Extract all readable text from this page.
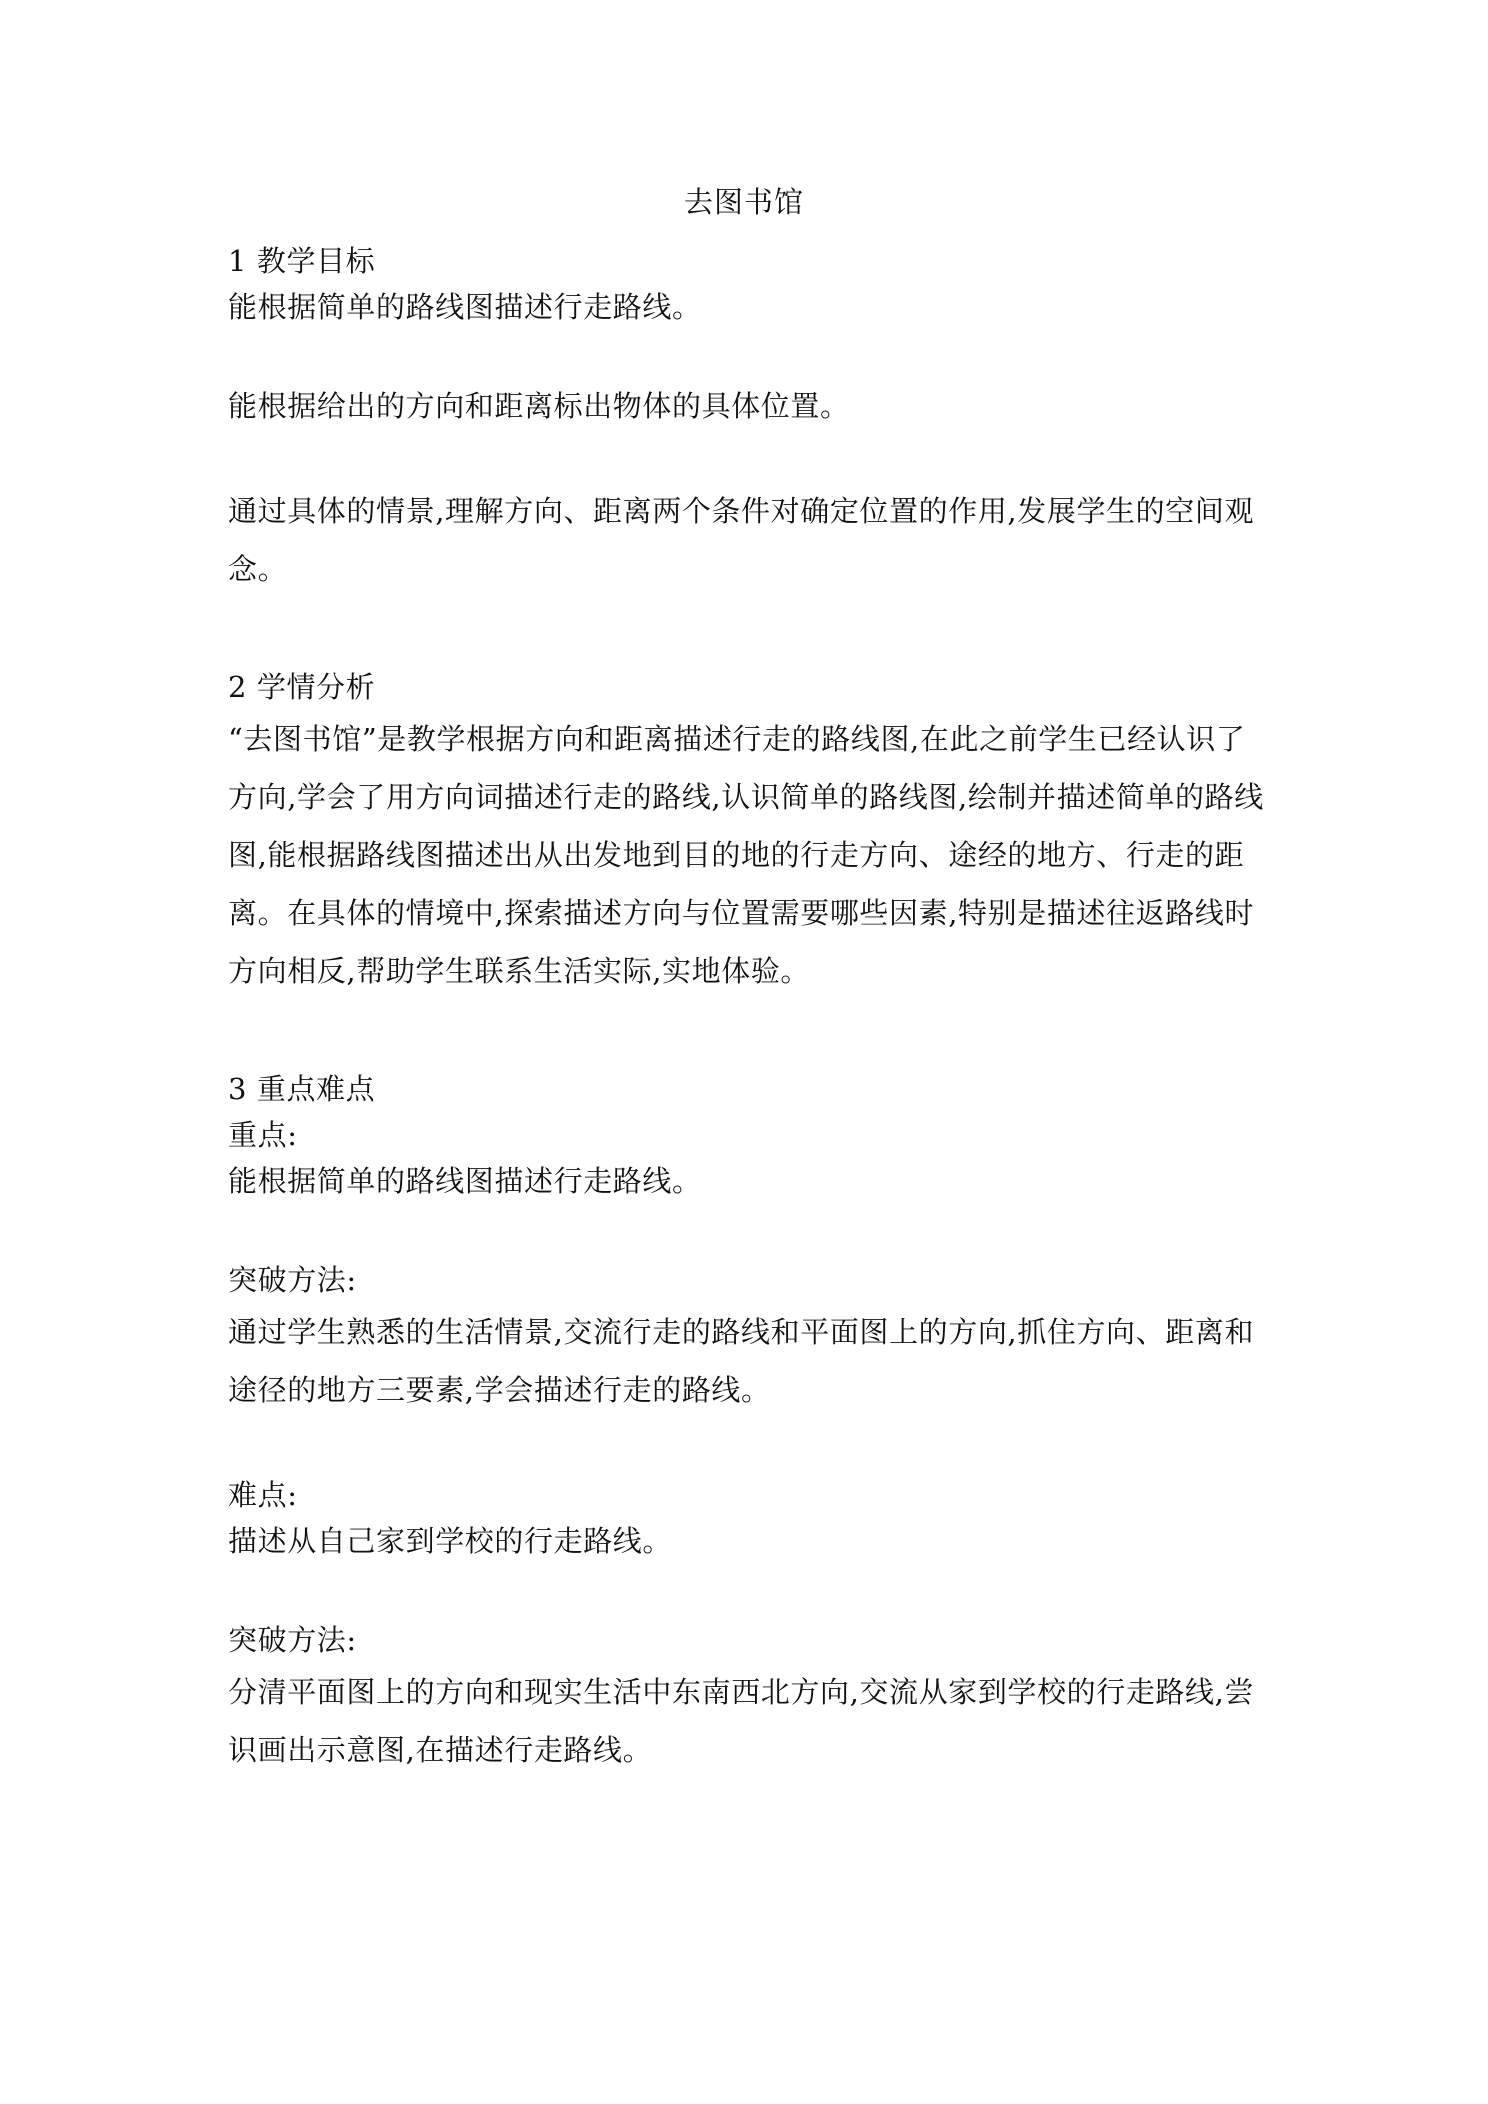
去图书馆

1 教学目标

能根据简单的路线图描述行走路线。

能根据给出的方向和距离标出物体的具体位置。

通过具体的情景,理解方向、距离两个条件对确定位置的作用,发展学生的空间观念。

2 学情分析

“去图书馆”是教学根据方向和距离描述行走的路线图,在此之前学生已经认识了方向,学会了用方向词描述行走的路线,认识简单的路线图,绘制并描述简单的路线图,能根据路线图描述出从出发地到目的地的行走方向、途经的地方、行走的距离。在具体的情境中,探索描述方向与位置需要哪些因素,特别是描述往返路线时方向相反,帮助学生联系生活实际,实地体验。

3 重点难点

重点:

能根据简单的路线图描述行走路线。

突破方法:

通过学生熟悉的生活情景,交流行走的路线和平面图上的方向,抓住方向、距离和途径的地方三要素,学会描述行走的路线。

难点:

描述从自己家到学校的行走路线。

突破方法:

分清平面图上的方向和现实生活中东南西北方向,交流从家到学校的行走路线,尝识画出示意图,在描述行走路线。
